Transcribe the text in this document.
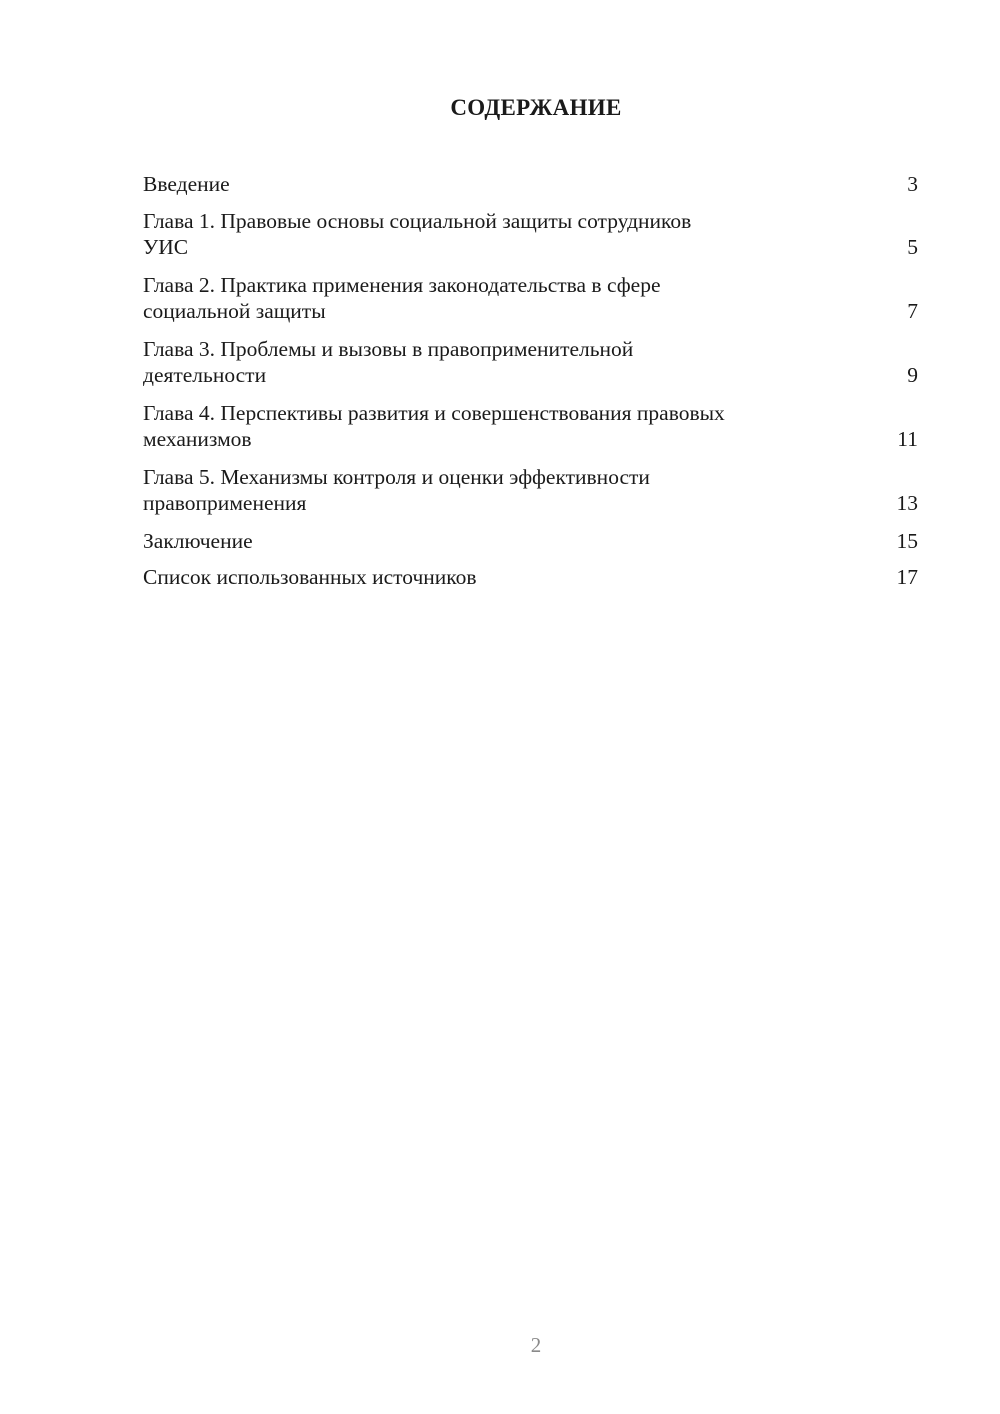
СОДЕРЖАНИЕ
Введение	3
Глава 1. Правовые основы социальной защиты сотрудников
УИС	5
Глава 2. Практика применения законодательства в сфере
социальной защиты	7
Глава 3. Проблемы и вызовы в правоприменительной
деятельности	9
Глава 4. Перспективы развития и совершенствования правовых
механизмов	11
Глава 5. Механизмы контроля и оценки эффективности
правоприменения	13
Заключение	15
Список использованных источников	17
2
